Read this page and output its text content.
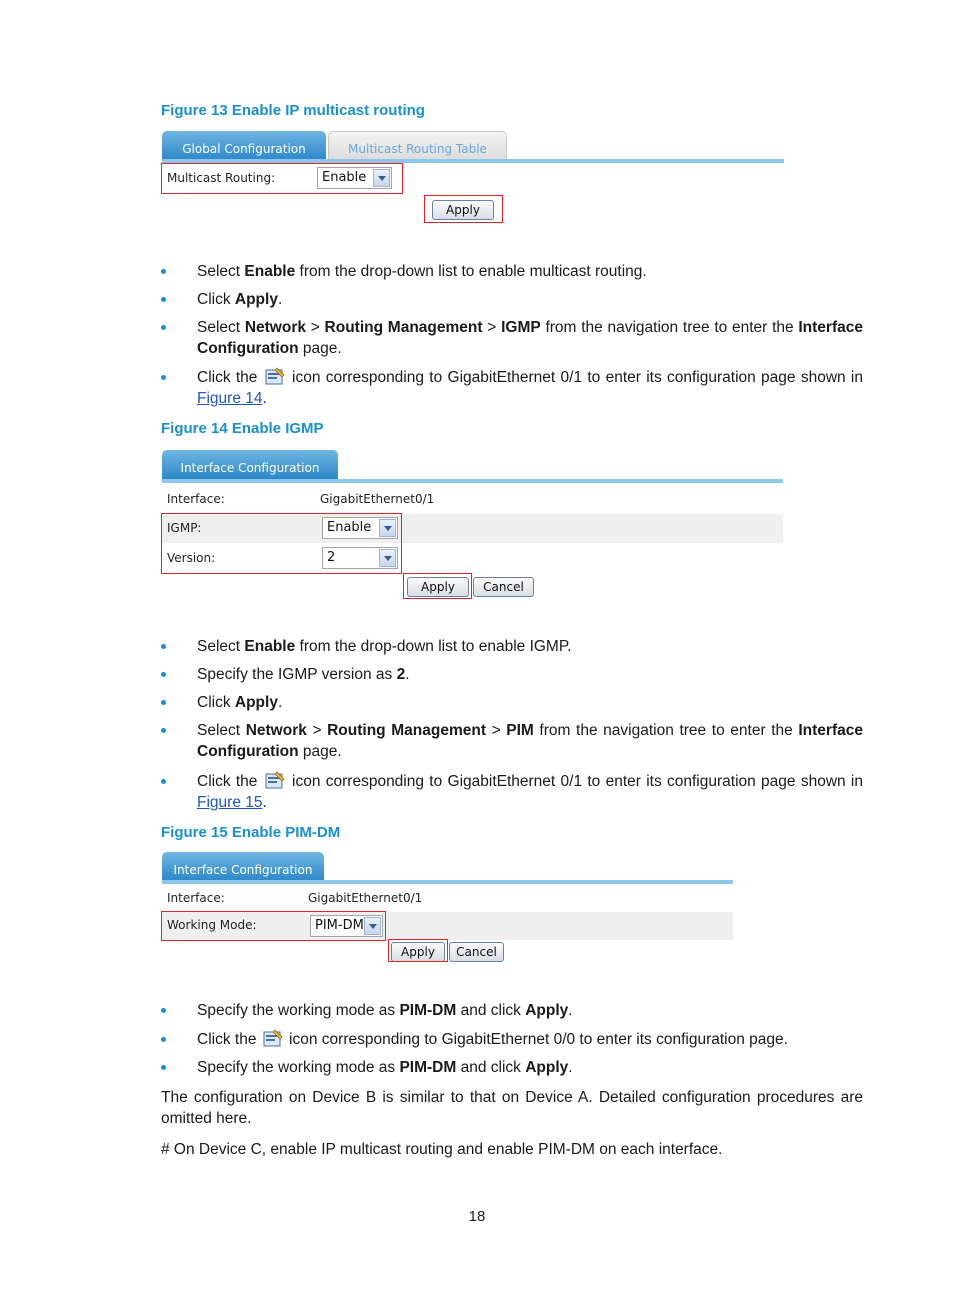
Figure 13 Enable IP multicast routing
Global Configuration	Multicast Routing Table
Multicast Routing:	Enable
Apply
Select Enable from the drop-down list to enable multicast routing.
Click Apply.
Select Network > Routing Management > IGMP from the navigation tree to enter the Interface Configuration page.
Click the  icon corresponding to GigabitEthernet 0/1 to enter its configuration page shown in Figure 14.
Figure 14 Enable IGMP
Interface Configuration
Interface:	GigabitEthernet0/1
IGMP:	Enable
Version:	2
Apply	Cancel
Select Enable from the drop-down list to enable IGMP.
Specify the IGMP version as 2.
Click Apply.
Select Network > Routing Management > PIM from the navigation tree to enter the Interface Configuration page.
Click the  icon corresponding to GigabitEthernet 0/1 to enter its configuration page shown in Figure 15.
Figure 15 Enable PIM-DM
Interface Configuration
Interface:	GigabitEthernet0/1
Working Mode:	PIM-DM
Apply	Cancel
Specify the working mode as PIM-DM and click Apply.
Click the  icon corresponding to GigabitEthernet 0/0 to enter its configuration page.
Specify the working mode as PIM-DM and click Apply.
The configuration on Device B is similar to that on Device A. Detailed configuration procedures are omitted here.
# On Device C, enable IP multicast routing and enable PIM-DM on each interface.
18
